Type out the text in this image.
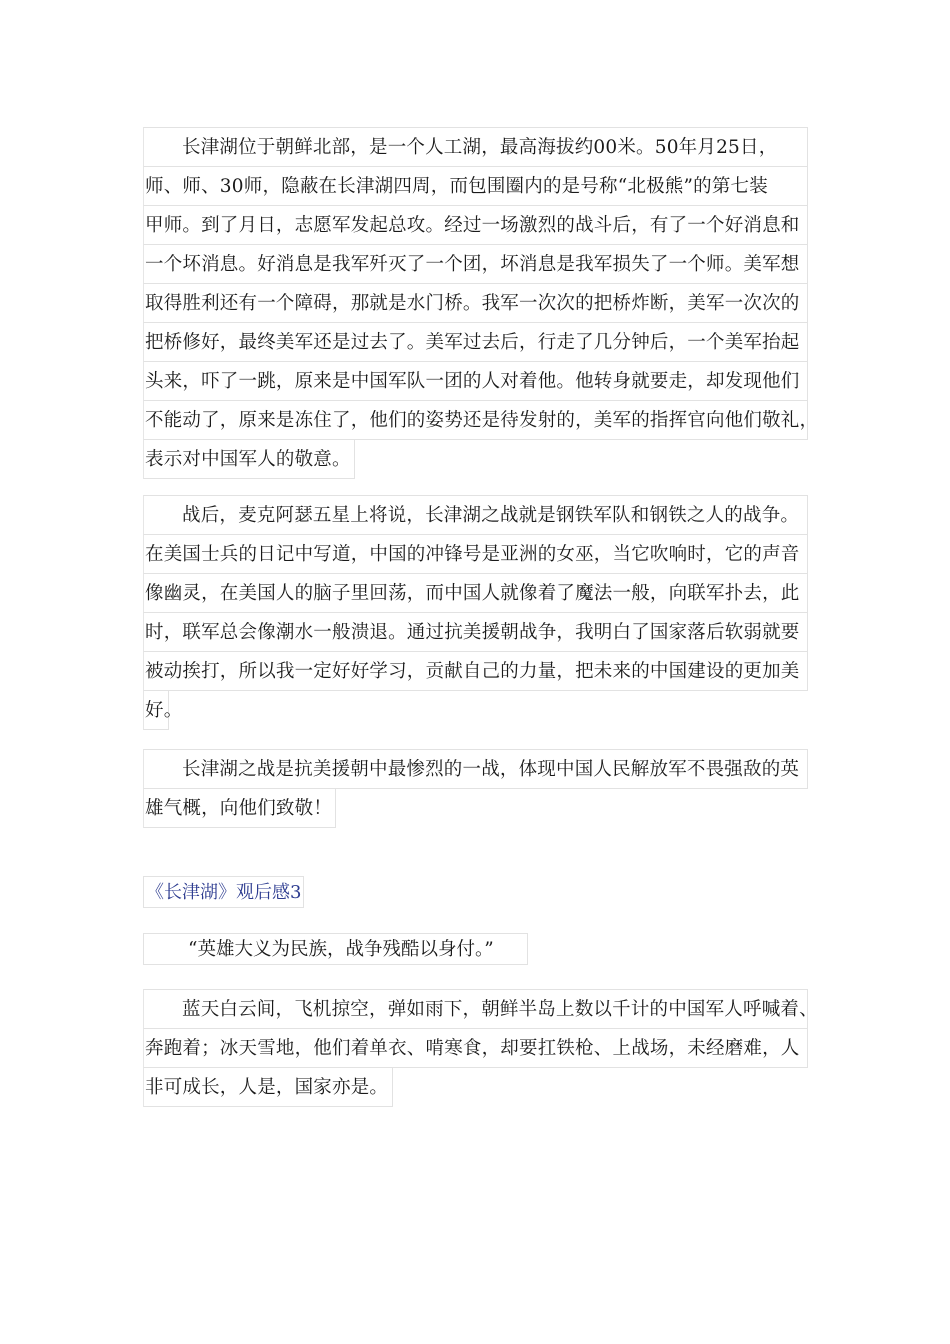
长津湖位于朝鲜北部，是一个人工湖，最高海拔约00米。50年月25日，
师、师、30师，隐蔽在长津湖四周，而包围圈内的是号称“北极熊”的第七装
甲师。到了月日，志愿军发起总攻。经过一场激烈的战斗后，有了一个好消息和
一个坏消息。好消息是我军歼灭了一个团，坏消息是我军损失了一个师。美军想
取得胜利还有一个障碍，那就是水门桥。我军一次次的把桥炸断，美军一次次的
把桥修好，最终美军还是过去了。美军过去后，行走了几分钟后，一个美军抬起
头来，吓了一跳，原来是中国军队一团的人对着他。他转身就要走，却发现他们
不能动了，原来是冻住了，他们的姿势还是待发射的，美军的指挥官向他们敬礼，
表示对中国军人的敬意。
战后，麦克阿瑟五星上将说，长津湖之战就是钢铁军队和钢铁之人的战争。
在美国士兵的日记中写道，中国的冲锋号是亚洲的女巫，当它吹响时，它的声音
像幽灵，在美国人的脑子里回荡，而中国人就像着了魔法一般，向联军扑去，此
时，联军总会像潮水一般溃退。通过抗美援朝战争，我明白了国家落后软弱就要
被动挨打，所以我一定好好学习，贡献自己的力量，把未来的中国建设的更加美
好。
长津湖之战是抗美援朝中最惨烈的一战，体现中国人民解放军不畏强敌的英
雄气概，向他们致敬！
《长津湖》观后感3
“英雄大义为民族，战争残酷以身付。”
蓝天白云间，飞机掠空，弹如雨下，朝鲜半岛上数以千计的中国军人呼喊着、
奔跑着；冰天雪地，他们着单衣、啃寒食，却要扛铁枪、上战场，未经磨难，人
非可成长，人是，国家亦是。
